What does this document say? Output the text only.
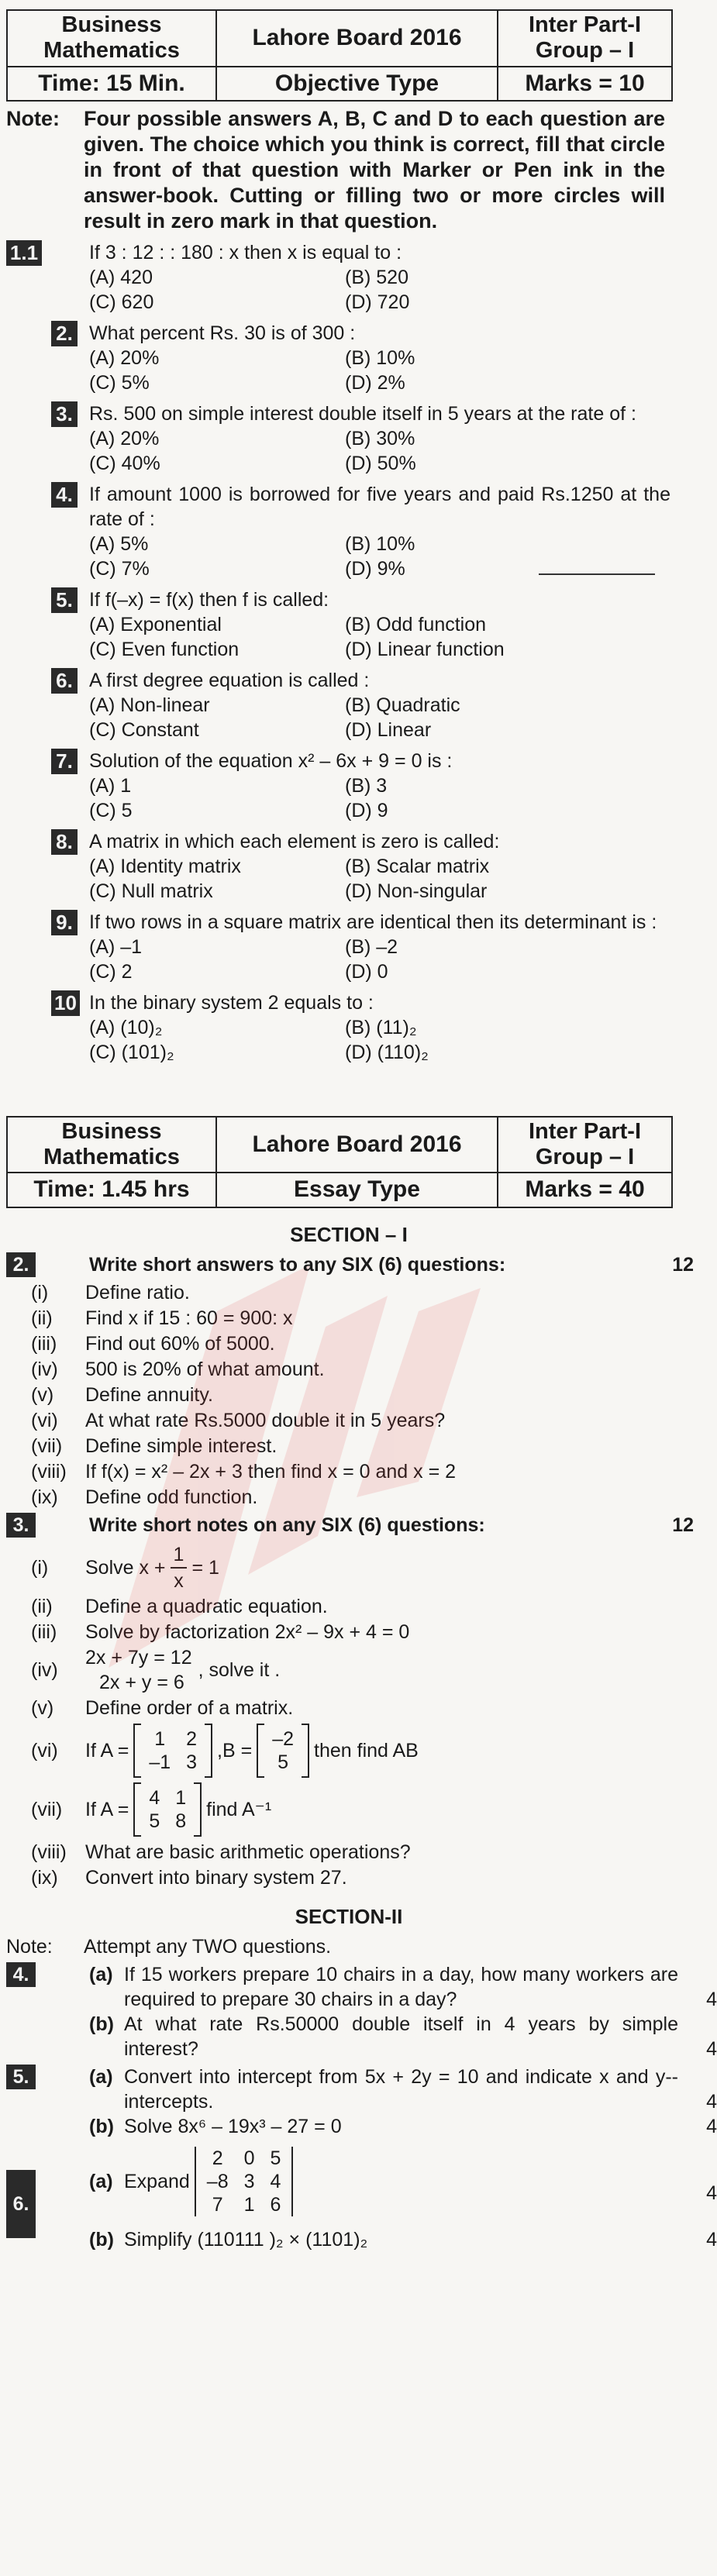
Business Mathematics	Lahore Board 2016	Inter Part-I Group – I
Time: 15 Min.	Objective Type	Marks = 10
Note:	Four possible answers A, B, C and D to each question are given. The choice which you think is correct, fill that circle in front of that question with Marker or Pen ink in the answer-book. Cutting or filling two or more circles will result in zero mark in that question.
1.1	If 3 : 12 : : 180 : x then x is equal to :
(A) 420	(B) 520
(C) 620	(D) 720
2. What percent Rs. 30 is of 300 :
(A) 20%	(B) 10%
(C) 5%	(D) 2%
3. Rs. 500 on simple interest double itself in 5 years at the rate of :
(A) 20%	(B) 30%
(C) 40%	(D) 50%
4. If amount 1000 is borrowed for five years and paid Rs.1250 at the rate of :
(A) 5%	(B) 10%
(C) 7%	(D) 9%
5. If f(–x) = f(x) then f is called:
(A) Exponential	(B) Odd function
(C) Even function	(D) Linear function
6. A first degree equation is called :
(A) Non-linear	(B) Quadratic
(C) Constant	(D) Linear
7. Solution of the equation x² – 6x + 9 = 0 is :
(A) 1	(B) 3
(C) 5	(D) 9
8. A matrix in which each element is zero is called:
(A) Identity matrix	(B) Scalar matrix
(C) Null matrix	(D) Non-singular
9. If two rows in a square matrix are identical then its determinant is :
(A) –1	(B) –2
(C) 2	(D) 0
10 In the binary system 2 equals to :
(A) (10)₂	(B) (11)₂
(C) (101)₂	(D) (110)₂
Business Mathematics	Lahore Board 2016	Inter Part-I Group – I
Time: 1.45 hrs	Essay Type	Marks = 40
SECTION – I
2.	Write short answers to any SIX (6) questions:	12
(i)	Define ratio.
(ii)	Find x if 15 : 60 = 900: x
(iii)	Find out 60% of 5000.
(iv)	500 is 20% of what amount.
(v)	Define annuity.
(vi)	At what rate Rs.5000 double it in 5 years?
(vii)	Define simple interest.
(viii) If f(x) = x² – 2x + 3 then find x = 0 and x = 2
(ix)	Define odd function.
3.	Write short notes on any SIX (6) questions:	12
(i)	Solve $x + \frac{1}{x} = 1$
(ii)	Define a quadratic equation.
(iii)	Solve by factorization 2x² – 9x + 4 = 0
(iv)
2x + 7y = 12
2x + y = 6
, solve it .
(v)	Define order of a matrix.
(vi)	If A =
1	2
–1	3
,B =
–2
5
then find AB
(vii)	If A =
4	1
5	8
find A⁻¹
(viii) What are basic arithmetic operations?
(ix)	Convert into binary system 27.
SECTION-II
Note:	Attempt any TWO questions.
4.	(a) If 15 workers prepare 10 chairs in a day, how many workers are required to prepare 30 chairs in a day?	4
(b) At what rate Rs.50000 double itself in 4 years by simple interest?	4
5.	(a) Convert into intercept from 5x + 2y = 10 and indicate x and y-- intercepts.	4
(b) Solve 8x⁶ – 19x³ – 27 = 0	4
6.
(a) Expand
2	0	5
–8	3	4
7	1	6
4
(b) Simplify (110111 )₂ × (1101)₂	4
